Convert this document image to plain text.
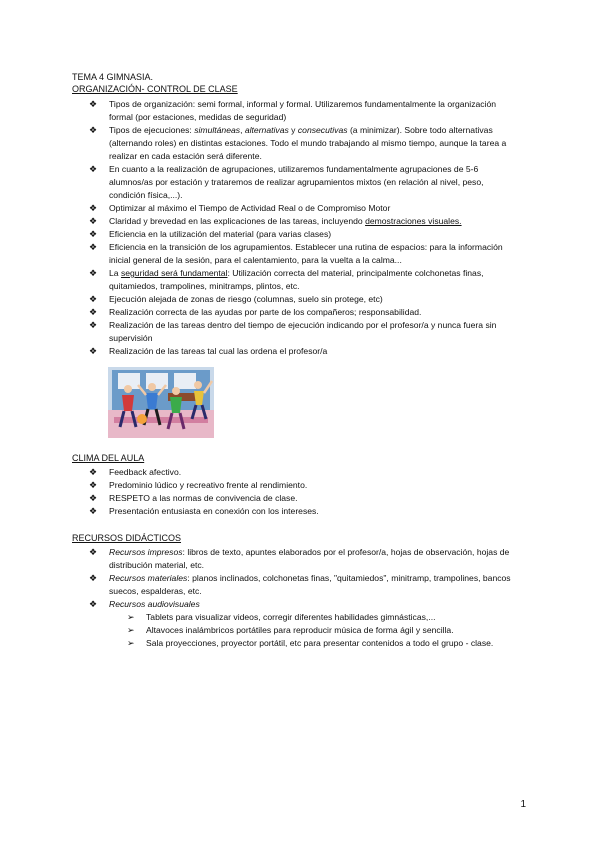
TEMA 4 GIMNASIA.
ORGANIZACIÓN- CONTROL DE CLASE
❖ Tipos de organización: semi formal, informal y formal. Utilizaremos fundamentalmente la organización formal (por estaciones, medidas de seguridad)
❖ Tipos de ejecuciones: simultáneas, alternativas y consecutivas (a minimizar). Sobre todo alternativas (alternando roles) en distintas estaciones. Todo el mundo trabajando al mismo tiempo, aunque la tarea a realizar en cada estación será diferente.
❖ En cuanto a la realización de agrupaciones, utilizaremos fundamentalmente agrupaciones de 5-6 alumnos/as por estación y trataremos de realizar agrupamientos mixtos (en relación al nivel, peso, condición física,...).
❖ Optimizar al máximo el Tiempo de Actividad Real o de Compromiso Motor
❖ Claridad y brevedad en las explicaciones de las tareas, incluyendo demostraciones visuales.
❖ Eficiencia en la utilización del material (para varias clases)
❖ Eficiencia en la transición de los agrupamientos. Establecer una rutina de espacios: para la información inicial general de la sesión, para el calentamiento, para la vuelta a la calma...
❖ La seguridad será fundamental: Utilización correcta del material, principalmente colchonetas finas, quitamiedos, trampolines, minitramps, plintos, etc.
❖ Ejecución alejada de zonas de riesgo (columnas, suelo sin protege, etc)
❖ Realización correcta de las ayudas por parte de los compañeros; responsabilidad.
❖ Realización de las tareas dentro del tiempo de ejecución indicando por el profesor/a y nunca fuera sin supervisión
❖ Realización de las tareas tal cual las ordena el profesor/a
CLIMA DEL AULA
❖ Feedback afectivo.
❖ Predominio lúdico y recreativo frente al rendimiento.
❖ RESPETO a las normas de convivencia de clase.
❖ Presentación entusiasta en conexión con los intereses.
RECURSOS DIDÁCTICOS
❖ Recursos impresos: libros de texto, apuntes elaborados por el profesor/a, hojas de observación, hojas de distribución material, etc.
❖ Recursos materiales: planos inclinados, colchonetas finas, "quitamiedos", minitramp, trampolines, bancos suecos, espalderas, etc.
❖ Recursos audiovisuales
➢ Tablets para visualizar videos, corregir diferentes habilidades gimnásticas,...
➢ Altavoces inalámbricos portátiles para reproducir música de forma ágil y sencilla.
➢ Sala proyecciones, proyector portátil, etc para presentar contenidos a todo el grupo - clase.
1
